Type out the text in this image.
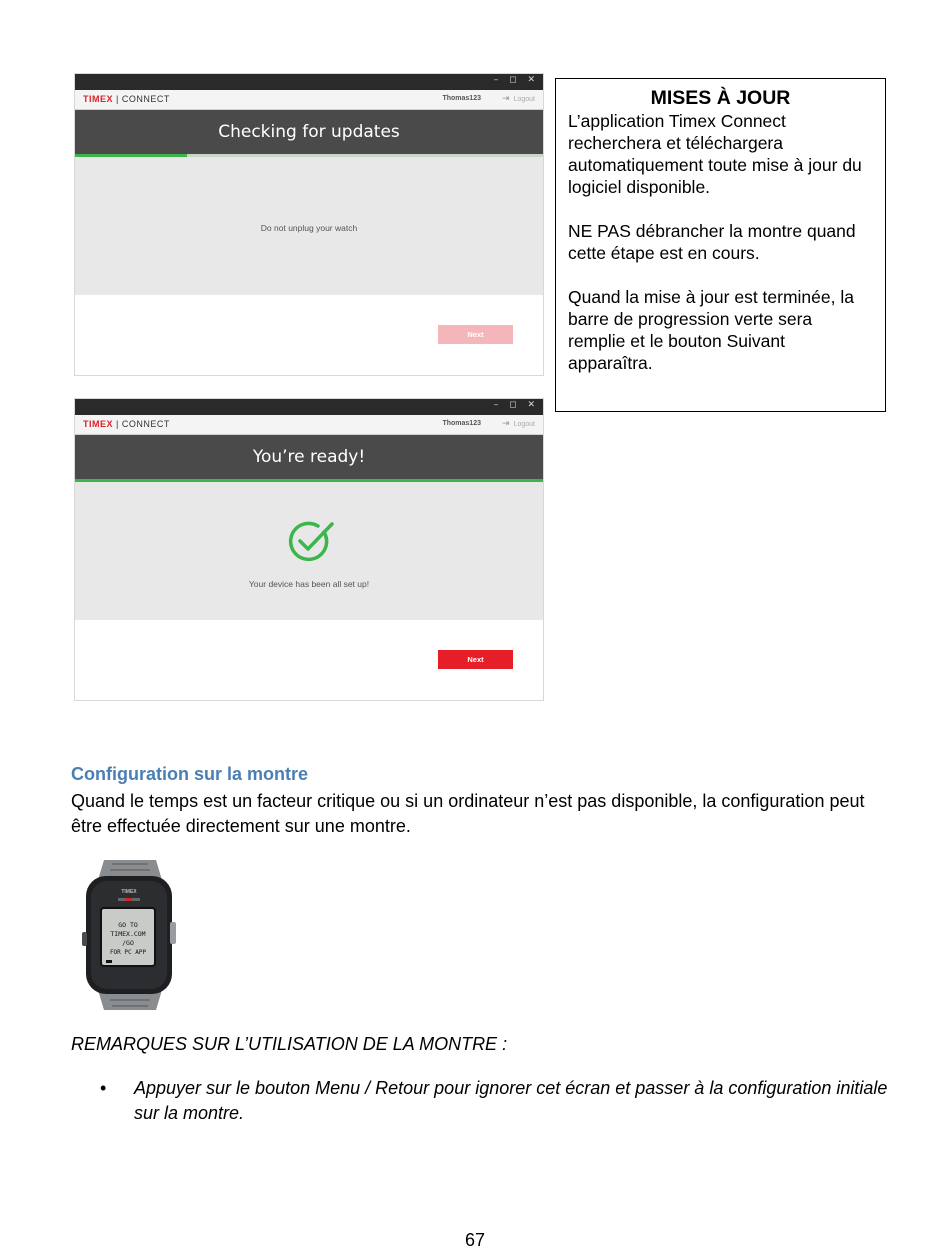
– ◻ ✕
TIMEX | CONNECT	Thomas123 ⇥ Logout
Checking for updates
Do not unplug your watch
Next
– ◻ ✕
TIMEX | CONNECT	Thomas123 ⇥ Logout
You’re ready!
Your device has been all set up!
Next
MISES À JOUR

L’application Timex Connect recherchera et téléchargera automatiquement toute mise à jour du logiciel disponible.

NE PAS débrancher la montre quand cette étape est en cours.

Quand la mise à jour est terminée, la barre de progression verte sera remplie et le bouton Suivant apparaîtra.

Configuration sur la montre

Quand le temps est un facteur critique ou si un ordinateur n’est pas disponible, la configuration peut être effectuée directement sur une montre.

TIMEX
GO TO
TIMEX.COM
/GO
FOR PC APP

REMARQUES SUR L’UTILISATION DE LA MONTRE :

• Appuyer sur le bouton Menu / Retour pour ignorer cet écran et passer à la configuration initiale sur la montre.
67
